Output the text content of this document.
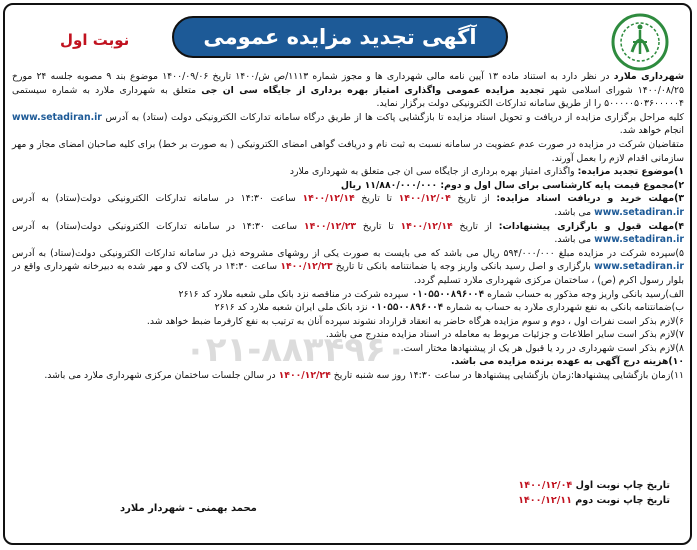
نوبت اول	آگهی تجدید مزایده عمومی
۰۲۱-۸۸۳۴۹۶۰

شهرداری ملارد در نظر دارد به استناد ماده ۱۳ آیین نامه مالی شهرداری ها و مجوز شماره ۱۱۱۳/ص ش/۱۴۰۰ تاریخ ۱۴۰۰/۰۹/۰۶ موضوع بند ۹ مصوبه جلسه ۲۴ مورخ ۱۴۰۰/۰۸/۲۵ شورای اسلامی شهر تجدید مزایده عمومی واگذاری امتیاز بهره برداری از جایگاه سی ان جی متعلق به شهرداری ملارد به شماره سیستمی ۵۰۰۰۰۰۵۰۳۶۰۰۰۰۰۴ را از طریق سامانه تدارکات الکترونیکی دولت برگزار نماید.

کلیه مراحل برگزاری مزایده از دریافت و تحویل اسناد مزایده تا بازگشایی پاکت ها از طریق درگاه سامانه تدارکات الکترونیکی دولت (ستاد) به آدرس www.setadiran.ir انجام خواهد شد.

متقاضیان شرکت در مزایده در صورت عدم عضویت در سامانه نسبت به ثبت نام و دریافت گواهی امضای الکترونیکی ( به صورت بر خط) برای کلیه صاحبان امضای مجاز و مهر سازمانی اقدام لازم را بعمل آورند.

۱)موضوع تجدید مزایده: واگذاری امتیاز بهره برداری از جایگاه سی ان جی متعلق به شهرداری ملارد

۲)مجموع قیمت پایه کارشناسی برای سال اول و دوم: ۱۱/۸۸۰/۰۰۰/۰۰۰ ریال

۳)مهلت خرید و دریافت اسناد مزایده: از تاریخ ۱۴۰۰/۱۲/۰۴ تا تاریخ ۱۴۰۰/۱۲/۱۴ ساعت ۱۴:۳۰ در سامانه تدارکات الکترونیکی دولت(ستاد) به آدرس www.setadiran.ir می باشد.

۴)مهلت قبول و بارگزاری پیشنهادات: از تاریخ ۱۴۰۰/۱۲/۱۴ تا تاریخ ۱۴۰۰/۱۲/۲۳ ساعت ۱۴:۳۰ در سامانه تدارکات الکترونیکی دولت(ستاد) به آدرس www.setadiran.ir می باشد.

۵)سپرده شرکت در مزایده مبلغ ۵۹۴/۰۰۰/۰۰۰ ریال می باشد که می بایست به صورت یکی از روشهای مشروحه ذیل در سامانه تدارکات الکترونیکی دولت(ستاد) به آدرس www.setadiran.ir بارگزاری و اصل رسید بانکی واریز وجه یا ضمانتنامه بانکی تا تاریخ ۱۴۰۰/۱۲/۲۳ ساعت ۱۴:۳۰ در پاکت لاک و مهر شده به دبیرخانه شهرداری واقع در بلوار رسول اکرم (ص) ، ساختمان مرکزی شهرداری ملارد تسلیم گردد.

الف)رسید بانکی واریز وجه مذکور به حساب شماره ۰۱۰۵۵۰۰۸۹۶۰۰۴ سپرده شرکت در مناقصه نزد بانک ملی شعبه ملارد کد ۲۶۱۶

ب)ضمانتنامه بانکی به نفع شهرداری ملارد به حساب به شماره ۰۱۰۵۵۰۰۸۹۶۰۰۴ نزد بانک ملی ایران شعبه ملارد کد ۲۶۱۶

۶)لازم بذکر است نفرات اول ، دوم و سوم مزایده هرگاه حاضر به انعقاد قرارداد نشوند سپرده آنان به ترتیب به نفع کارفرما ضبط خواهد شد.

۷)لازم بذکر است سایر اطلاعات و جزئیات مربوط به معامله در اسناد مزایده مندرج می باشد.

۸)لازم بذکر است شهرداری در رد یا قبول هر یک از پیشنهادها مختار است.

۱۰)هزینه درج آگهی به عهده برنده مزایده می باشد.

۱۱)زمان بازگشایی پیشنهادها:زمان بازگشایی پیشنهادها در ساعت ۱۴:۳۰ روز سه شنبه تاریخ ۱۴۰۰/۱۲/۲۴ در سالن جلسات ساختمان مرکزی شهرداری ملارد می باشد.

تاریخ چاپ نوبت اول ۱۴۰۰/۱۲/۰۴
تاریخ چاپ نوبت دوم ۱۴۰۰/۱۲/۱۱
محمد بهمنی - شهردار ملارد
